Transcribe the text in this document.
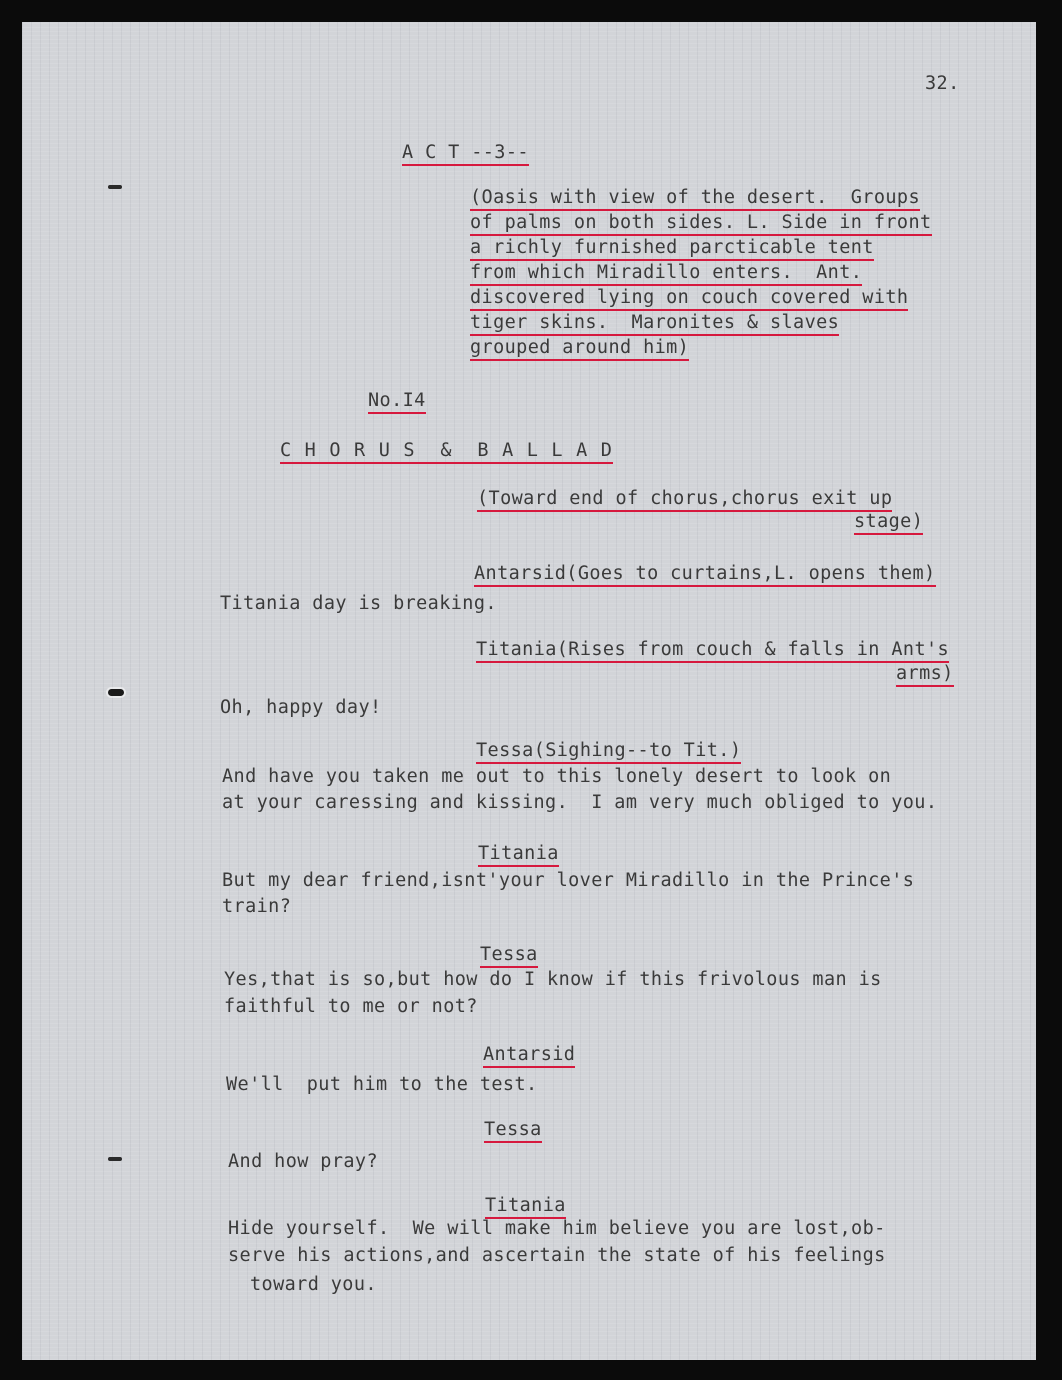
32.
A C T --3--
(Oasis with view of the desert.  Groups
of palms on both sides. L. Side in front
a richly furnished parcticable tent
from which Miradillo enters.  Ant.
discovered lying on couch covered with
tiger skins.  Maronites & slaves
grouped around him)
No.I4
C H O R U S  &  B A L L A D
(Toward end of chorus,chorus exit up
stage)
Antarsid(Goes to curtains,L. opens them)
Titania day is breaking.
Titania(Rises from couch & falls in Ant's
arms)
Oh, happy day!
Tessa(Sighing--to Tit.)
And have you taken me out to this lonely desert to look on
at your caressing and kissing.  I am very much obliged to you.
Titania
But my dear friend,isnt'your lover Miradillo in the Prince's
train?
Tessa
Yes,that is so,but how do I know if this frivolous man is
faithful to me or not?
Antarsid
We'll  put him to the test.
Tessa
And how pray?
Titania
Hide yourself.  We will make him believe you are lost,ob-
serve his actions,and ascertain the state of his feelings
toward you.
